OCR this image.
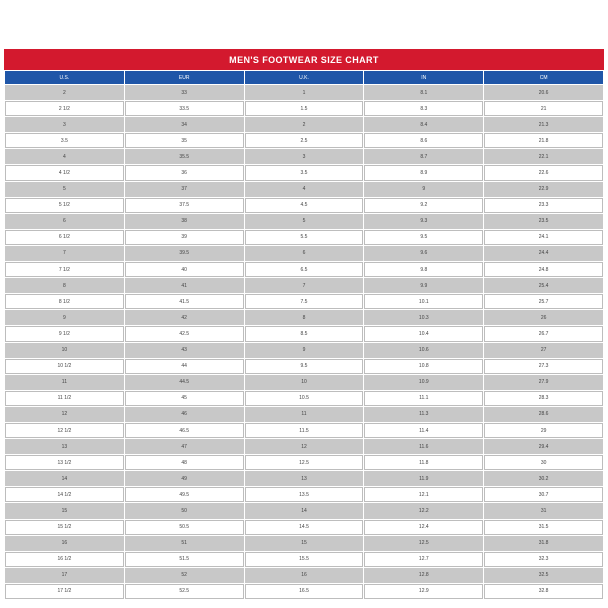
MEN'S FOOTWEAR SIZE CHART
U.S.	EUR	U.K.	IN	CM
2	33	1	8.1	20.6
2 1/2	33.5	1.5	8.3	21
3	34	2	8.4	21.3
3.5	35	2.5	8.6	21.8
4	35.5	3	8.7	22.1
4 1/2	36	3.5	8.9	22.6
5	37	4	9	22.9
5 1/2	37.5	4.5	9.2	23.3
6	38	5	9.3	23.5
6 1/2	39	5.5	9.5	24.1
7	39.5	6	9.6	24.4
7 1/2	40	6.5	9.8	24.8
8	41	7	9.9	25.4
8 1/2	41.5	7.5	10.1	25.7
9	42	8	10.3	26
9 1/2	42.5	8.5	10.4	26.7
10	43	9	10.6	27
10 1/2	44	9.5	10.8	27.3
11	44.5	10	10.9	27.9
11 1/2	45	10.5	11.1	28.3
12	46	11	11.3	28.6
12 1/2	46.5	11.5	11.4	29
13	47	12	11.6	29.4
13 1/2	48	12.5	11.8	30
14	49	13	11.9	30.2
14 1/2	49.5	13.5	12.1	30.7
15	50	14	12.2	31
15 1/2	50.5	14.5	12.4	31.5
16	51	15	12.5	31.8
16 1/2	51.5	15.5	12.7	32.3
17	52	16	12.8	32.5
17 1/2	52.5	16.5	12.9	32.8
